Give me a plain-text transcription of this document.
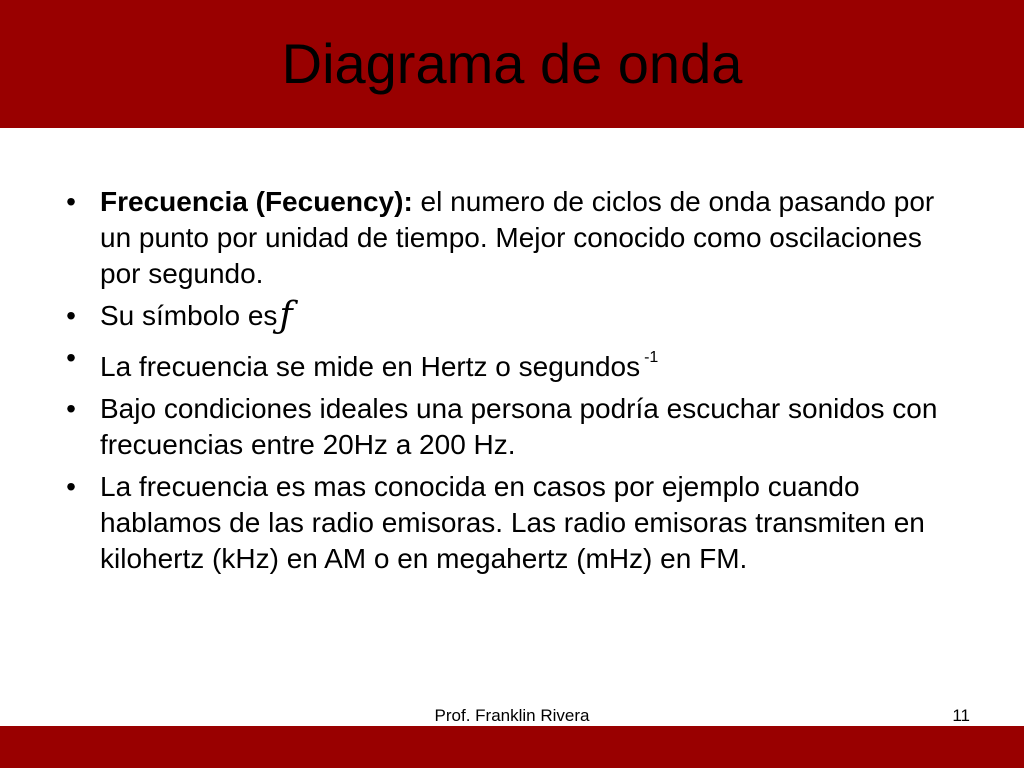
Diagrama de onda
• Frecuencia (Fecuency): el numero de ciclos de onda pasando por un punto por unidad de tiempo. Mejor conocido como oscilaciones por segundo.
• Su símbolo esƒ
• La frecuencia se mide en Hertz o segundos $^{-1}$
• Bajo condiciones ideales una persona podría escuchar sonidos con frecuencias entre 20Hz a 200 Hz.
• La frecuencia es mas conocida en casos por ejemplo cuando hablamos de las radio emisoras. Las radio emisoras transmiten en kilohertz (kHz) en AM o en megahertz (mHz) en FM.
Prof. Franklin Rivera	11
